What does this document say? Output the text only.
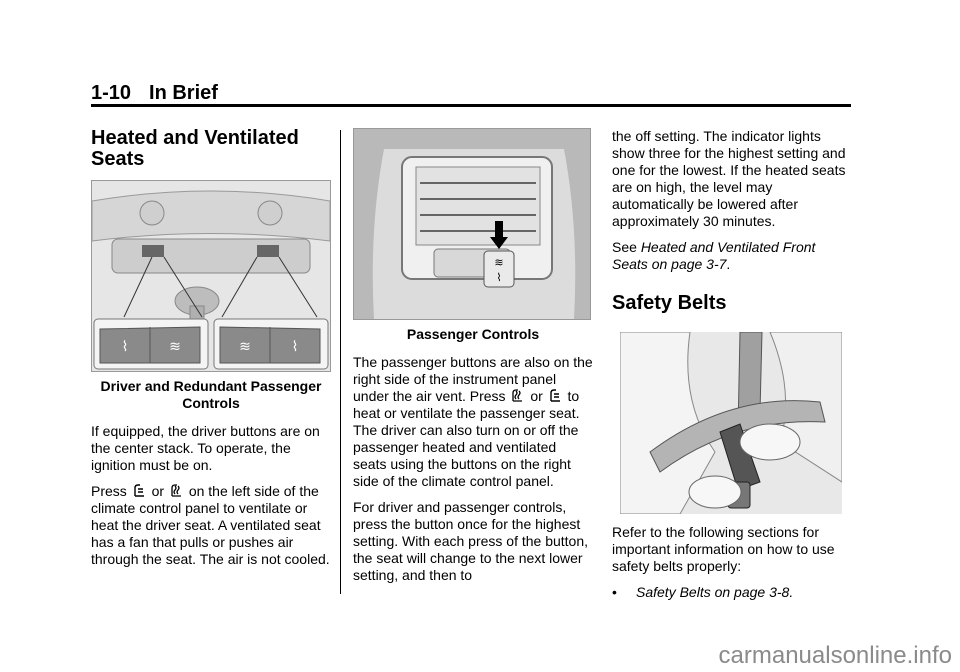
1-10 In Brief
Heated and Ventilated Seats
⌇	≋	≋	⌇
Driver and Redundant Passenger
Controls

If equipped, the driver buttons are on the center stack. To operate, the ignition must be on.

Press or on the left side of the climate control panel to ventilate or heat the driver seat. A ventilated seat has a fan that pulls or pushes air through the seat. The air is not cooled.

≋
⌇
Passenger Controls

The passenger buttons are also on the right side of the instrument panel under the air vent. Press or to heat or ventilate the passenger seat. The driver can also turn on or off the passenger heated and ventilated seats using the buttons on the right side of the climate control panel.

For driver and passenger controls, press the button once for the highest setting. With each press of the button, the seat will change to the next lower setting, and then to

the off setting. The indicator lights show three for the highest setting and one for the lowest. If the heated seats are on high, the level may automatically be lowered after approximately 30 minutes.

See Heated and Ventilated Front Seats on page 3-7.

Safety Belts

Refer to the following sections for important information on how to use safety belts properly:

•	Safety Belts on page 3-8.
carmanualsonline.info
